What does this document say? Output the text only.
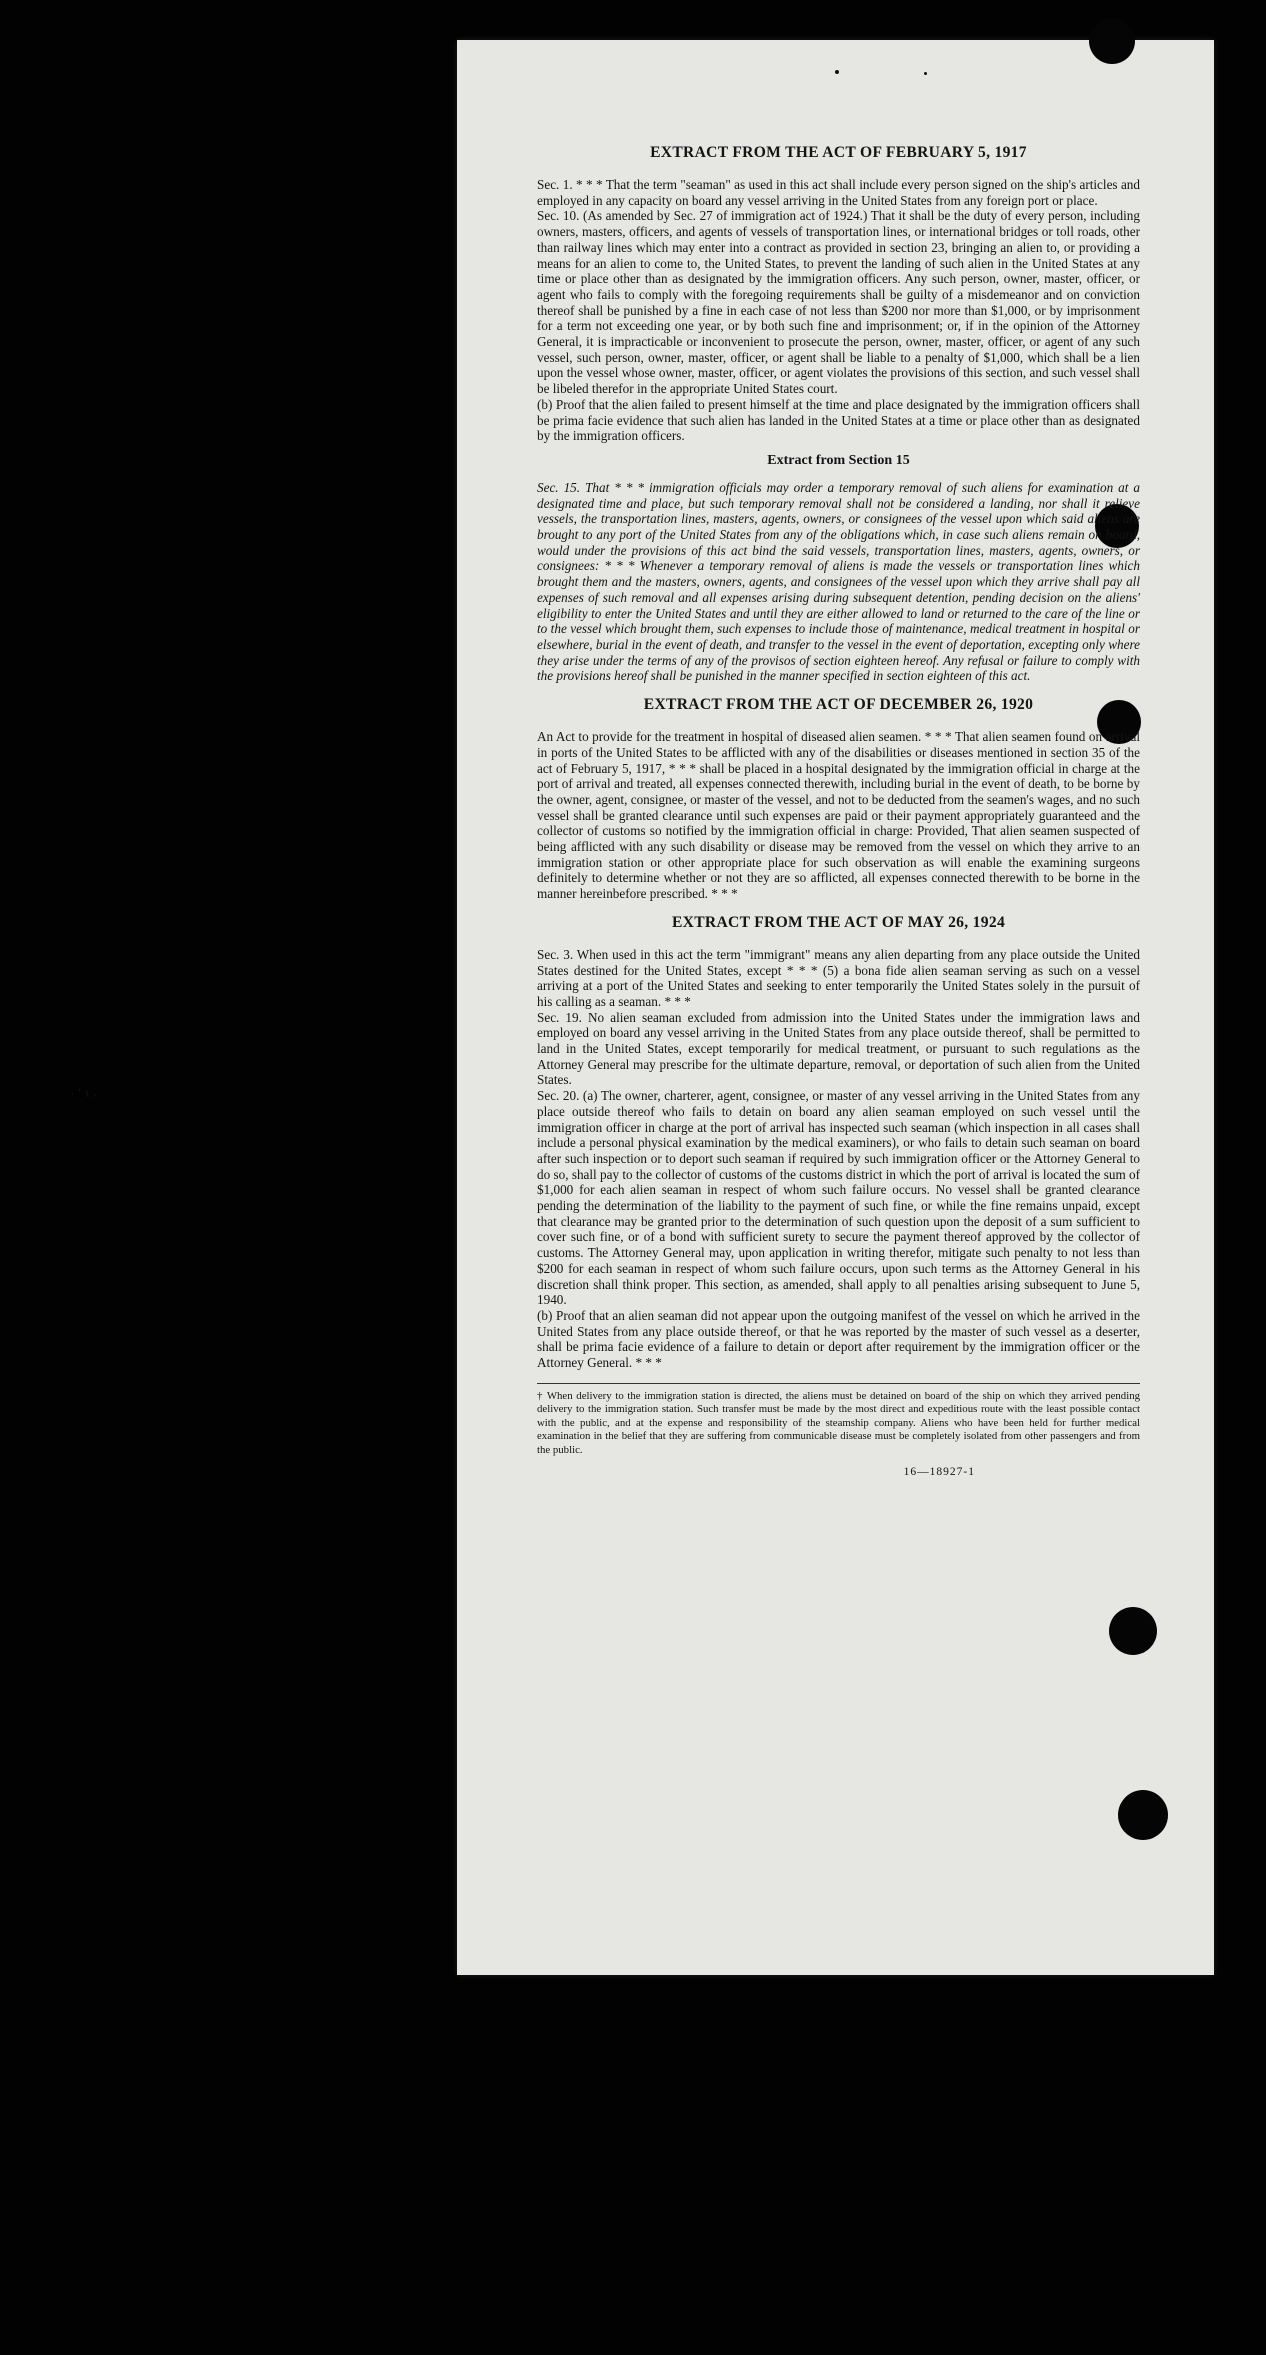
· ʼ ı ‚
EXTRACT FROM THE ACT OF FEBRUARY 5, 1917

Sec. 1. * * * That the term "seaman" as used in this act shall include every person signed on the ship's articles and employed in any capacity on board any vessel arriving in the United States from any foreign port or place.

Sec. 10. (As amended by Sec. 27 of immigration act of 1924.) That it shall be the duty of every person, including owners, masters, officers, and agents of vessels of transportation lines, or international bridges or toll roads, other than railway lines which may enter into a contract as provided in section 23, bringing an alien to, or providing a means for an alien to come to, the United States, to prevent the landing of such alien in the United States at any time or place other than as designated by the immigration officers. Any such person, owner, master, officer, or agent who fails to comply with the foregoing requirements shall be guilty of a misdemeanor and on conviction thereof shall be punished by a fine in each case of not less than $200 nor more than $1,000, or by imprisonment for a term not exceeding one year, or by both such fine and imprisonment; or, if in the opinion of the Attorney General, it is impracticable or inconvenient to prosecute the person, owner, master, officer, or agent of any such vessel, such person, owner, master, officer, or agent shall be liable to a penalty of $1,000, which shall be a lien upon the vessel whose owner, master, officer, or agent violates the provisions of this section, and such vessel shall be libeled therefor in the appropriate United States court.

(b) Proof that the alien failed to present himself at the time and place designated by the immigration officers shall be prima facie evidence that such alien has landed in the United States at a time or place other than as designated by the immigration officers.

Extract from Section 15

Sec. 15. That * * * immigration officials may order a temporary removal of such aliens for examination at a designated time and place, but such temporary removal shall not be considered a landing, nor shall it relieve vessels, the transportation lines, masters, agents, owners, or consignees of the vessel upon which said aliens are brought to any port of the United States from any of the obligations which, in case such aliens remain on board, would under the provisions of this act bind the said vessels, transportation lines, masters, agents, owners, or consignees: * * * Whenever a temporary removal of aliens is made the vessels or transportation lines which brought them and the masters, owners, agents, and consignees of the vessel upon which they arrive shall pay all expenses of such removal and all expenses arising during subsequent detention, pending decision on the aliens' eligibility to enter the United States and until they are either allowed to land or returned to the care of the line or to the vessel which brought them, such expenses to include those of maintenance, medical treatment in hospital or elsewhere, burial in the event of death, and transfer to the vessel in the event of deportation, excepting only where they arise under the terms of any of the provisos of section eighteen hereof. Any refusal or failure to comply with the provisions hereof shall be punished in the manner specified in section eighteen of this act.

EXTRACT FROM THE ACT OF DECEMBER 26, 1920

An Act to provide for the treatment in hospital of diseased alien seamen. * * * That alien seamen found on arrival in ports of the United States to be afflicted with any of the disabilities or diseases mentioned in section 35 of the act of February 5, 1917, * * * shall be placed in a hospital designated by the immigration official in charge at the port of arrival and treated, all expenses connected therewith, including burial in the event of death, to be borne by the owner, agent, consignee, or master of the vessel, and not to be deducted from the seamen's wages, and no such vessel shall be granted clearance until such expenses are paid or their payment appropriately guaranteed and the collector of customs so notified by the immigration official in charge: Provided, That alien seamen suspected of being afflicted with any such disability or disease may be removed from the vessel on which they arrive to an immigration station or other appropriate place for such observation as will enable the examining surgeons definitely to determine whether or not they are so afflicted, all expenses connected therewith to be borne in the manner hereinbefore prescribed. * * *

EXTRACT FROM THE ACT OF MAY 26, 1924

Sec. 3. When used in this act the term "immigrant" means any alien departing from any place outside the United States destined for the United States, except * * * (5) a bona fide alien seaman serving as such on a vessel arriving at a port of the United States and seeking to enter temporarily the United States solely in the pursuit of his calling as a seaman. * * *

Sec. 19. No alien seaman excluded from admission into the United States under the immigration laws and employed on board any vessel arriving in the United States from any place outside thereof, shall be permitted to land in the United States, except temporarily for medical treatment, or pursuant to such regulations as the Attorney General may prescribe for the ultimate departure, removal, or deportation of such alien from the United States.

Sec. 20. (a) The owner, charterer, agent, consignee, or master of any vessel arriving in the United States from any place outside thereof who fails to detain on board any alien seaman employed on such vessel until the immigration officer in charge at the port of arrival has inspected such seaman (which inspection in all cases shall include a personal physical examination by the medical examiners), or who fails to detain such seaman on board after such inspection or to deport such seaman if required by such immigration officer or the Attorney General to do so, shall pay to the collector of customs of the customs district in which the port of arrival is located the sum of $1,000 for each alien seaman in respect of whom such failure occurs. No vessel shall be granted clearance pending the determination of the liability to the payment of such fine, or while the fine remains unpaid, except that clearance may be granted prior to the determination of such question upon the deposit of a sum sufficient to cover such fine, or of a bond with sufficient surety to secure the payment thereof approved by the collector of customs. The Attorney General may, upon application in writing therefor, mitigate such penalty to not less than $200 for each seaman in respect of whom such failure occurs, upon such terms as the Attorney General in his discretion shall think proper. This section, as amended, shall apply to all penalties arising subsequent to June 5, 1940.

(b) Proof that an alien seaman did not appear upon the outgoing manifest of the vessel on which he arrived in the United States from any place outside thereof, or that he was reported by the master of such vessel as a deserter, shall be prima facie evidence of a failure to detain or deport after requirement by the immigration officer or the Attorney General. * * *

† When delivery to the immigration station is directed, the aliens must be detained on board of the ship on which they arrived pending delivery to the immigration station. Such transfer must be made by the most direct and expeditious route with the least possible contact with the public, and at the expense and responsibility of the steamship company. Aliens who have been held for further medical examination in the belief that they are suffering from communicable disease must be completely isolated from other passengers and from the public.
16—18927-1
